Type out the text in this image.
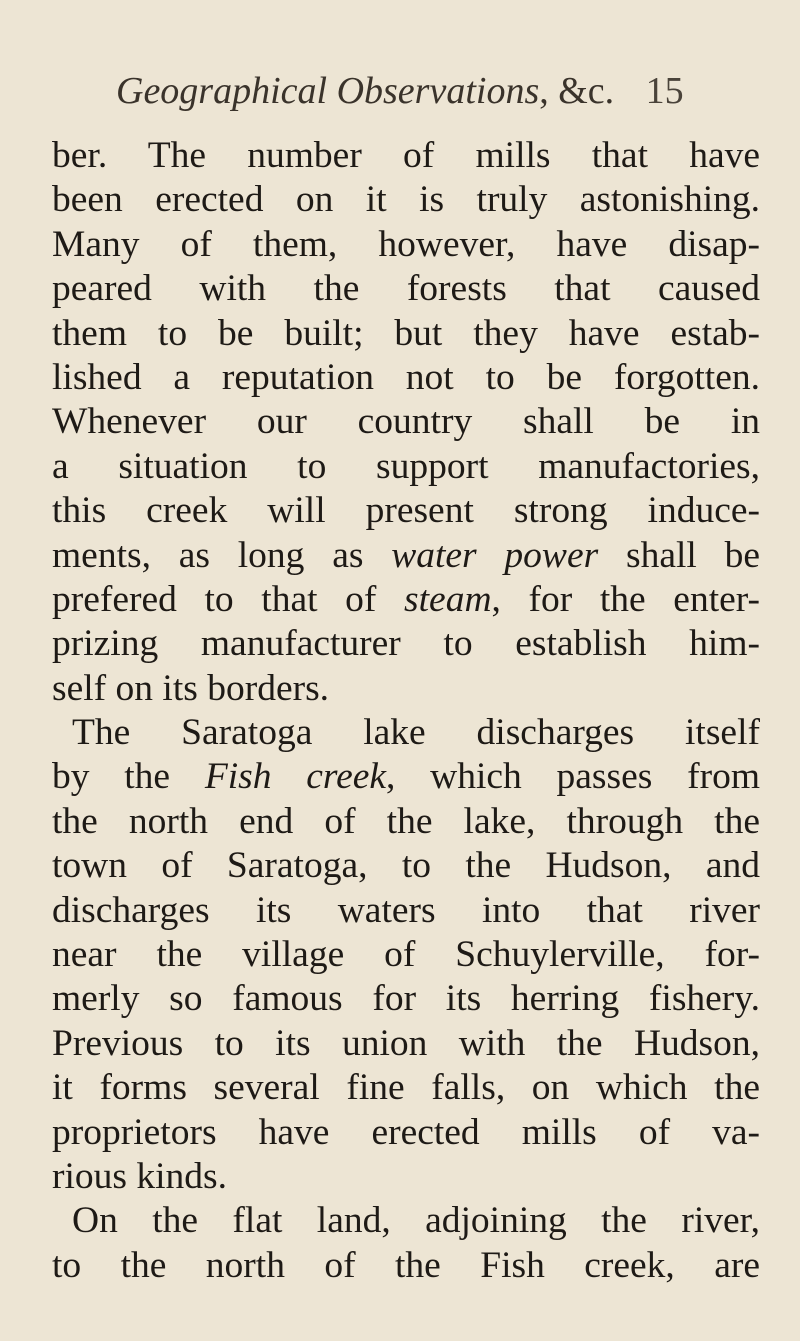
Geographical Observations, &c. 15
ber. The number of mills that have
been erected on it is truly astonishing.
Many of them, however, have disap-
peared with the forests that caused
them to be built; but they have estab-
lished a reputation not to be forgotten.
Whenever our country shall be in
a situation to support manufactories,
this creek will present strong induce-
ments, as long as water power shall be
prefered to that of steam, for the enter-
prizing manufacturer to establish him-
self on its borders.
The Saratoga lake discharges itself
by the Fish creek, which passes from
the north end of the lake, through the
town of Saratoga, to the Hudson, and
discharges its waters into that river
near the village of Schuylerville, for-
merly so famous for its herring fishery.
Previous to its union with the Hudson,
it forms several fine falls, on which the
proprietors have erected mills of va-
rious kinds.
On the flat land, adjoining the river,
to the north of the Fish creek, are
